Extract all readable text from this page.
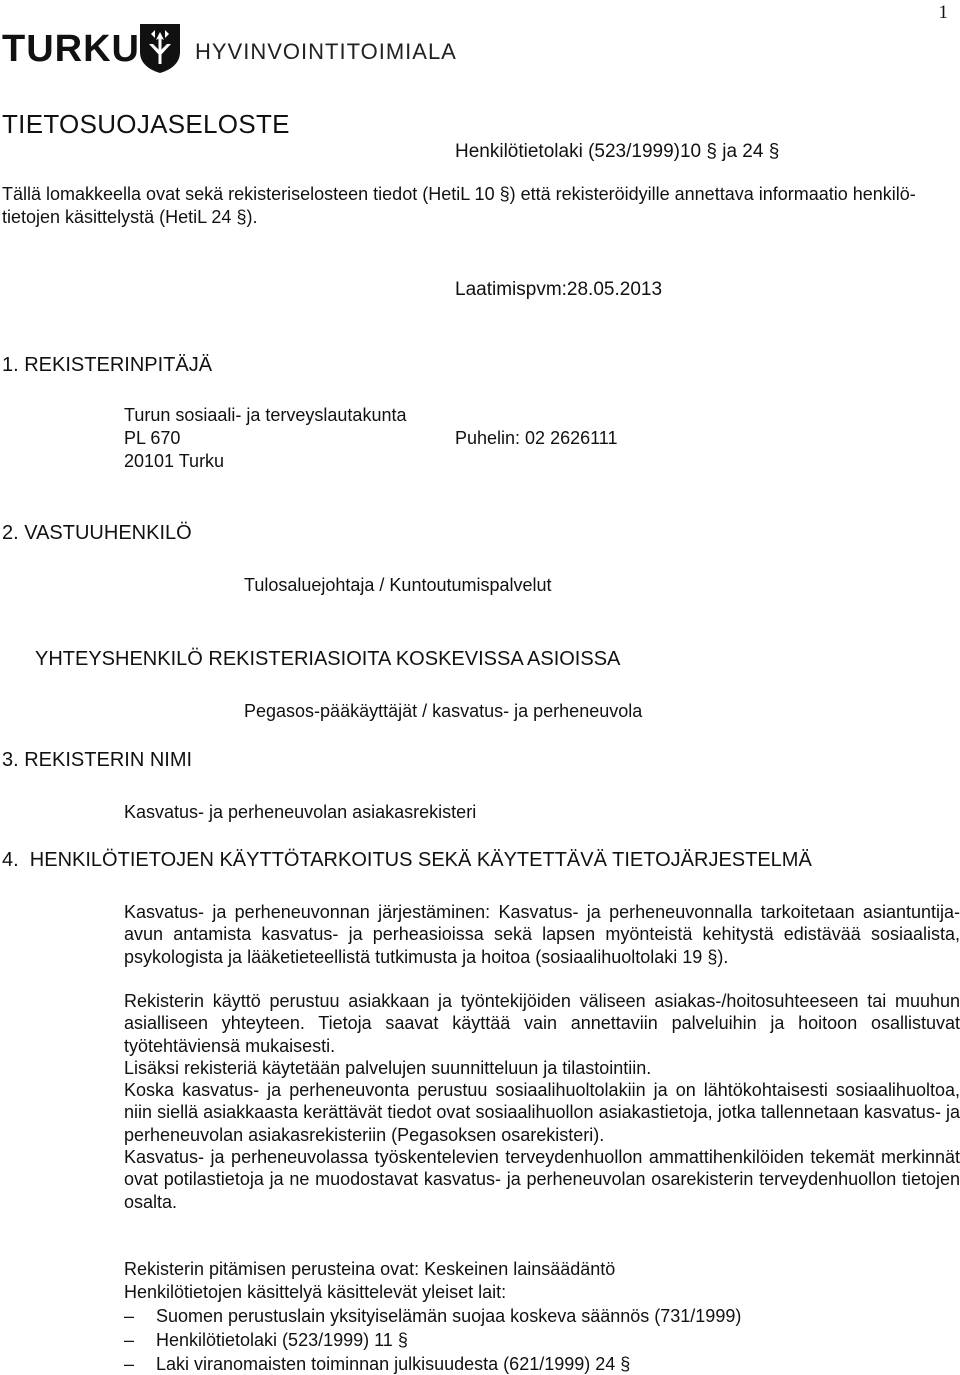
1
TURKU	HYVINVOINTITOIMIALA
TIETOSUOJASELOSTE
Henkilötietolaki (523/1999)10 § ja 24 §
Tällä lomakkeella ovat sekä rekisteriselosteen tiedot (HetiL 10 §) että rekisteröidyille annettava informaatio henkilö-
tietojen käsittelystä (HetiL 24 §).
Laatimispvm:28.05.2013
1. REKISTERINPITÄJÄ
Turun sosiaali- ja terveyslautakunta
PL 670	Puhelin: 02 2626111
20101 Turku
2. VASTUUHENKILÖ
Tulosaluejohtaja / Kuntoutumispalvelut
YHTEYSHENKILÖ REKISTERIASIOITA KOSKEVISSA ASIOISSA
Pegasos-pääkäyttäjät / kasvatus- ja perheneuvola
3. REKISTERIN NIMI
Kasvatus- ja perheneuvolan asiakasrekisteri
4.  HENKILÖTIETOJEN KÄYTTÖTARKOITUS SEKÄ KÄYTETTÄVÄ TIETOJÄRJESTELMÄ
Kasvatus- ja perheneuvonnan järjestäminen: Kasvatus- ja perheneuvonnalla tarkoitetaan asiantuntija-avun antamista kasvatus- ja perheasioissa sekä lapsen myönteistä kehitystä edistävää sosiaalista, psykologista ja lääketieteellistä tutkimusta ja hoitoa (sosiaalihuoltolaki 19 §).
Rekisterin käyttö perustuu asiakkaan ja työntekijöiden väliseen asiakas-/hoitosuhteeseen tai muuhun asialliseen yhteyteen. Tietoja saavat käyttää vain annettaviin palveluihin ja hoitoon osallistuvat työtehtäviensä mukaisesti.
Lisäksi rekisteriä käytetään palvelujen suunnitteluun ja tilastointiin.
Koska kasvatus- ja perheneuvonta perustuu sosiaalihuoltolakiin ja on lähtökohtaisesti sosiaalihuoltoa, niin siellä asiakkaasta kerättävät tiedot ovat sosiaalihuollon asiakastietoja, jotka tallennetaan kasvatus- ja perheneuvolan asiakasrekisteriin (Pegasoksen osarekisteri).
Kasvatus- ja perheneuvolassa työskentelevien terveydenhuollon ammattihenkilöiden tekemät merkinnät ovat potilastietoja ja ne muodostavat kasvatus- ja perheneuvolan osarekisterin terveydenhuollon tietojen osalta.
Rekisterin pitämisen perusteina ovat: Keskeinen lainsäädäntö
Henkilötietojen käsittelyä käsittelevät yleiset lait:
– Suomen perustuslain yksityiselämän suojaa koskeva säännös (731/1999)
– Henkilötietolaki (523/1999) 11 §
– Laki viranomaisten toiminnan julkisuudesta (621/1999) 24 §
